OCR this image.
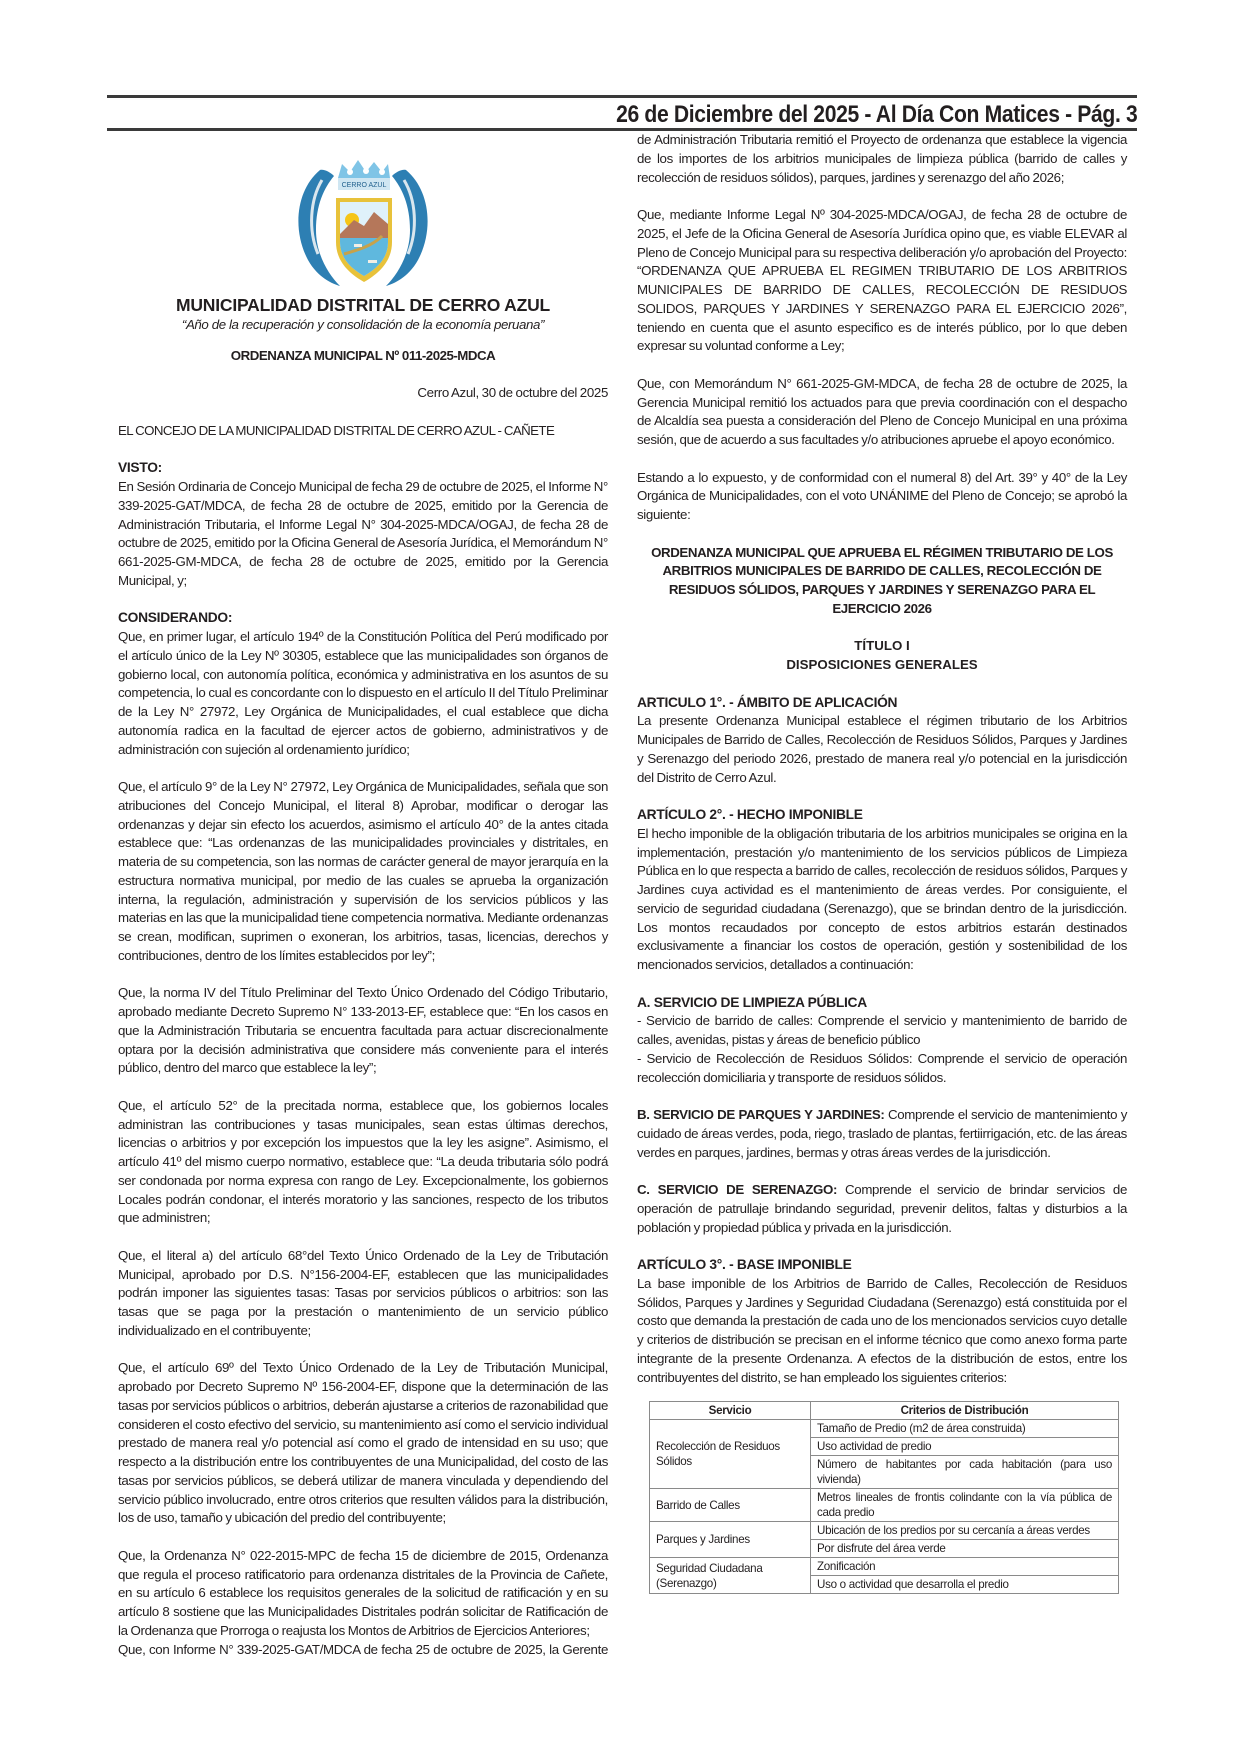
26 de Diciembre del 2025 - Al Día Con Matices - Pág. 3
CERRO AZUL
MUNICIPALIDAD DISTRITAL DE CERRO AZUL
“Año de la recuperación y consolidación de la economía peruana”
ORDENANZA MUNICIPAL Nº 011-2025-MDCA
Cerro Azul, 30 de octubre del 2025
EL CONCEJO DE LA MUNICIPALIDAD DISTRITAL DE CERRO AZUL - CAÑETE
VISTO:
En Sesión Ordinaria de Concejo Municipal de fecha 29 de octubre de 2025, el Informe N° 339-2025-GAT/MDCA, de fecha 28 de octubre de 2025, emitido por la Gerencia de Administración Tributaria, el Informe Legal N° 304-2025-MDCA/OGAJ, de fecha 28 de octubre de 2025, emitido por la Oficina General de Asesoría Jurídica, el Memorándum N° 661-2025-GM-MDCA, de fecha 28 de octubre de 2025, emitido por la Gerencia Municipal, y;
CONSIDERANDO:
Que, en primer lugar, el artículo 194º de la Constitución Política del Perú modificado por el artículo único de la Ley Nº 30305, establece que las municipalidades son órganos de gobierno local, con autonomía política, económica y administrativa en los asuntos de su competencia, lo cual es concordante con lo dispuesto en el artículo II del Título Preliminar de la Ley N° 27972, Ley Orgánica de Municipalidades, el cual establece que dicha autonomía radica en la facultad de ejercer actos de gobierno, administrativos y de administración con sujeción al ordenamiento jurídico;
Que, el artículo 9° de la Ley N° 27972, Ley Orgánica de Municipalidades, señala que son atribuciones del Concejo Municipal, el literal 8) Aprobar, modificar o derogar las ordenanzas y dejar sin efecto los acuerdos, asimismo el artículo 40° de la antes citada establece que: “Las ordenanzas de las municipalidades provinciales y distritales, en materia de su competencia, son las normas de carácter general de mayor jerarquía en la estructura normativa municipal, por medio de las cuales se aprueba la organización interna, la regulación, administración y supervisión de los servicios públicos y las materias en las que la municipalidad tiene competencia normativa. Mediante ordenanzas se crean, modifican, suprimen o exoneran, los arbitrios, tasas, licencias, derechos y contribuciones, dentro de los límites establecidos por ley”;
Que, la norma IV del Título Preliminar del Texto Único Ordenado del Código Tributario, aprobado mediante Decreto Supremo N° 133-2013-EF, establece que: “En los casos en que la Administración Tributaria se encuentra facultada para actuar discrecionalmente optara por la decisión administrativa que considere más conveniente para el interés público, dentro del marco que establece la ley”;
Que, el artículo 52° de la precitada norma, establece que, los gobiernos locales administran las contribuciones y tasas municipales, sean estas últimas derechos, licencias o arbitrios y por excepción los impuestos que la ley les asigne”. Asimismo, el artículo 41º del mismo cuerpo normativo, establece que: “La deuda tributaria sólo podrá ser condonada por norma expresa con rango de Ley. Excepcionalmente, los gobiernos Locales podrán condonar, el interés moratorio y las sanciones, respecto de los tributos que administren;
Que, el literal a) del artículo 68°del Texto Único Ordenado de la Ley de Tributación Municipal, aprobado por D.S. N°156-2004-EF, establecen que las municipalidades podrán imponer las siguientes tasas: Tasas por servicios públicos o arbitrios: son las tasas que se paga por la prestación o mantenimiento de un servicio público individualizado en el contribuyente;
Que, el artículo 69º del Texto Único Ordenado de la Ley de Tributación Municipal, aprobado por Decreto Supremo Nº 156-2004-EF, dispone que la determinación de las tasas por servicios públicos o arbitrios, deberán ajustarse a criterios de razonabilidad que consideren el costo efectivo del servicio, su mantenimiento así como el servicio individual prestado de manera real y/o potencial así como el grado de intensidad en su uso; que respecto a la distribución entre los contribuyentes de una Municipalidad, del costo de las tasas por servicios públicos, se deberá utilizar de manera vinculada y dependiendo del servicio público involucrado, entre otros criterios que resulten válidos para la distribución, los de uso, tamaño y ubicación del predio del contribuyente;
Que, la Ordenanza N° 022-2015-MPC de fecha 15 de diciembre de 2015, Ordenanza que regula el proceso ratificatorio para ordenanza distritales de la Provincia de Cañete, en su artículo 6 establece los requisitos generales de la solicitud de ratificación y en su artículo 8 sostiene que las Municipalidades Distritales podrán solicitar de Ratificación de la Ordenanza que Prorroga o reajusta los Montos de Arbitrios de Ejercicios Anteriores;
Que, con Informe N° 339-2025-GAT/MDCA de fecha 25 de octubre de 2025, la Gerente
de Administración Tributaria remitió el Proyecto de ordenanza que establece la vigencia de los importes de los arbitrios municipales de limpieza pública (barrido de calles y recolección de residuos sólidos), parques, jardines y serenazgo del año 2026;
Que, mediante Informe Legal Nº 304-2025-MDCA/OGAJ, de fecha 28 de octubre de 2025, el Jefe de la Oficina General de Asesoría Jurídica opino que, es viable ELEVAR al Pleno de Concejo Municipal para su respectiva deliberación y/o aprobación del Proyecto: “ORDENANZA QUE APRUEBA EL REGIMEN TRIBUTARIO DE LOS ARBITRIOS MUNICIPALES DE BARRIDO DE CALLES, RECOLECCIÓN DE RESIDUOS SOLIDOS, PARQUES Y JARDINES Y SERENAZGO PARA EL EJERCICIO 2026”, teniendo en cuenta que el asunto especifico es de interés público, por lo que deben expresar su voluntad conforme a Ley;
Que, con Memorándum N° 661-2025-GM-MDCA, de fecha 28 de octubre de 2025, la Gerencia Municipal remitió los actuados para que previa coordinación con el despacho de Alcaldía sea puesta a consideración del Pleno de Concejo Municipal en una próxima sesión, que de acuerdo a sus facultades y/o atribuciones apruebe el apoyo económico.
Estando a lo expuesto, y de conformidad con el numeral 8) del Art. 39° y 40° de la Ley Orgánica de Municipalidades, con el voto UNÁNIME del Pleno de Concejo; se aprobó la siguiente:
ORDENANZA MUNICIPAL QUE APRUEBA EL RÉGIMEN TRIBUTARIO DE LOS ARBITRIOS MUNICIPALES DE BARRIDO DE CALLES, RECOLECCIÓN DE RESIDUOS SÓLIDOS, PARQUES Y JARDINES Y SERENAZGO PARA EL EJERCICIO 2026
TÍTULO I
DISPOSICIONES GENERALES
ARTICULO 1°. - ÁMBITO DE APLICACIÓN
La presente Ordenanza Municipal establece el régimen tributario de los Arbitrios Municipales de Barrido de Calles, Recolección de Residuos Sólidos, Parques y Jardines y Serenazgo del periodo 2026, prestado de manera real y/o potencial en la jurisdicción del Distrito de Cerro Azul.
ARTÍCULO 2°. - HECHO IMPONIBLE
El hecho imponible de la obligación tributaria de los arbitrios municipales se origina en la implementación, prestación y/o mantenimiento de los servicios públicos de Limpieza Pública en lo que respecta a barrido de calles, recolección de residuos sólidos, Parques y Jardines cuya actividad es el mantenimiento de áreas verdes. Por consiguiente, el servicio de seguridad ciudadana (Serenazgo), que se brindan dentro de la jurisdicción. Los montos recaudados por concepto de estos arbitrios estarán destinados exclusivamente a financiar los costos de operación, gestión y sostenibilidad de los mencionados servicios, detallados a continuación:
A. SERVICIO DE LIMPIEZA PÚBLICA
- Servicio de barrido de calles: Comprende el servicio y mantenimiento de barrido de calles, avenidas, pistas y áreas de beneficio público
- Servicio de Recolección de Residuos Sólidos: Comprende el servicio de operación recolección domiciliaria y transporte de residuos sólidos.
B. SERVICIO DE PARQUES Y JARDINES: Comprende el servicio de mantenimiento y cuidado de áreas verdes, poda, riego, traslado de plantas, fertiirrigación, etc. de las áreas verdes en parques, jardines, bermas y otras áreas verdes de la jurisdicción.
C. SERVICIO DE SERENAZGO: Comprende el servicio de brindar servicios de operación de patrullaje brindando seguridad, prevenir delitos, faltas y disturbios a la población y propiedad pública y privada en la jurisdicción.
ARTÍCULO 3°. - BASE IMPONIBLE
La base imponible de los Arbitrios de Barrido de Calles, Recolección de Residuos Sólidos, Parques y Jardines y Seguridad Ciudadana (Serenazgo) está constituida por el costo que demanda la prestación de cada uno de los mencionados servicios cuyo detalle y criterios de distribución se precisan en el informe técnico que como anexo forma parte integrante de la presente Ordenanza. A efectos de la distribución de estos, entre los contribuyentes del distrito, se han empleado los siguientes criterios:
Servicio	Criterios de Distribución
Recolección de Residuos Sólidos	Tamaño de Predio (m2 de área construida)
	Uso actividad de predio
	Número de habitantes por cada habitación (para uso vivienda)
Barrido de Calles	Metros lineales de frontis colindante con la vía pública de cada predio
Parques y Jardines	Ubicación de los predios por su cercanía a áreas verdes
	Por disfrute del área verde
Seguridad Ciudadana (Serenazgo)	Zonificación
	Uso o actividad que desarrolla el predio
